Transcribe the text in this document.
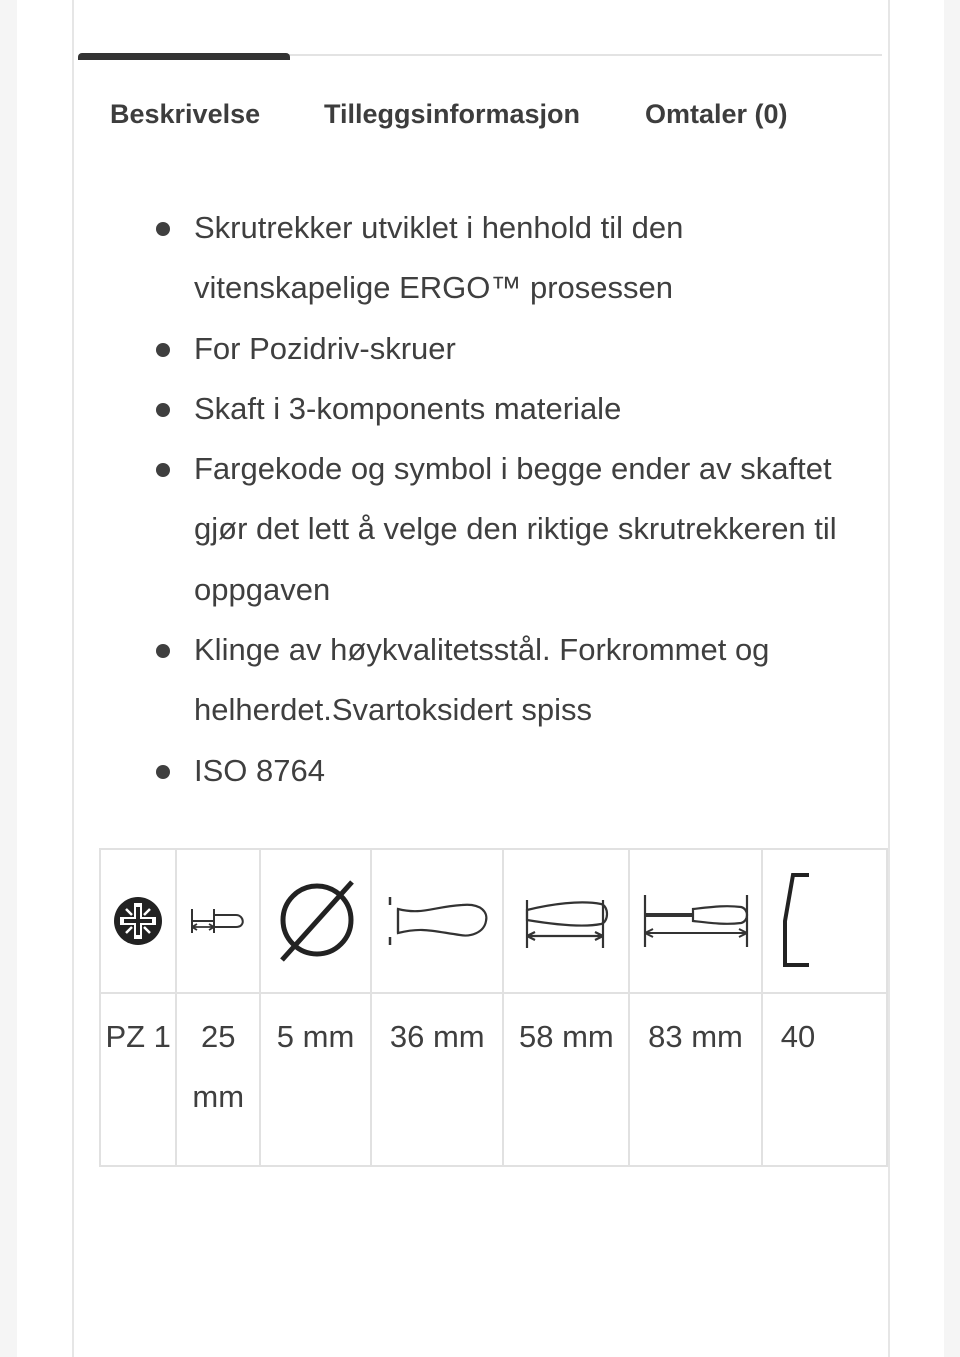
Beskrivelse Tilleggsinformasjon Omtaler (0)
Skrutrekker utviklet i henhold til den vitenskapelige ERGO™ prosessen
For Pozidriv-skruer
Skaft i 3-komponents materiale
Fargekode og symbol i begge ender av skaftet gjør det lett å velge den riktige skrutrekkeren til oppgaven
Klinge av høykvalitetsstål. Forkrommet og helherdet.Svartoksidert spiss
ISO 8764

PZ 1	25 mm	5 mm	36 mm	58 mm	83 mm	40
